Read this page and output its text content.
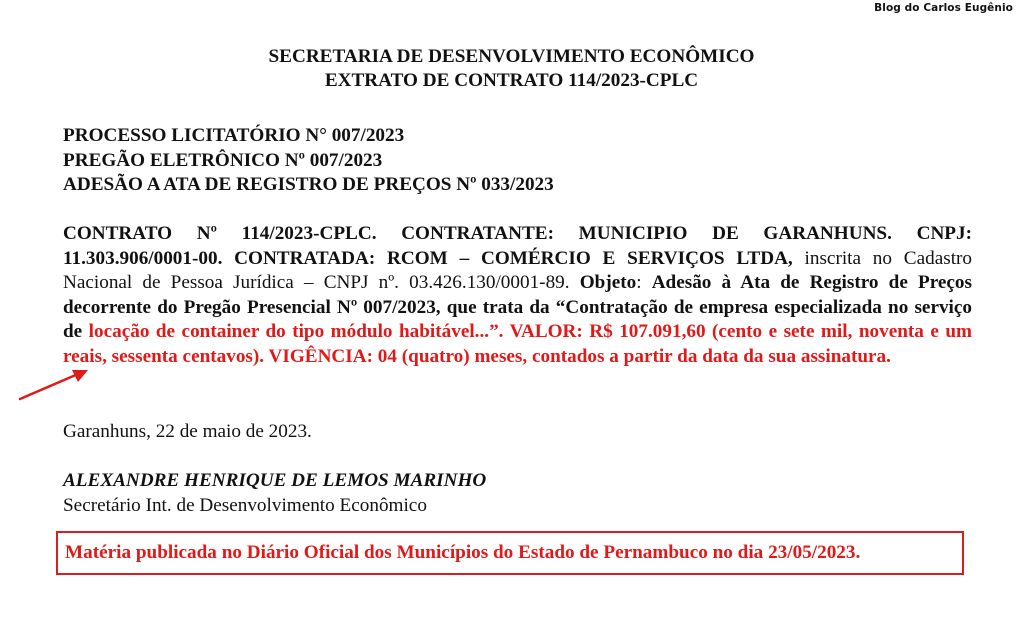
Blog do Carlos Eugênio
SECRETARIA DE DESENVOLVIMENTO ECONÔMICO
EXTRATO DE CONTRATO 114/2023-CPLC
PROCESSO LICITATÓRIO N° 007/2023
PREGÃO ELETRÔNICO Nº 007/2023
ADESÃO A ATA DE REGISTRO DE PREÇOS Nº 033/2023
CONTRATO Nº 114/2023-CPLC. CONTRATANTE: MUNICIPIO DE GARANHUNS. CNPJ: 11.303.906/0001-00. CONTRATADA: RCOM – COMÉRCIO E SERVIÇOS LTDA, inscrita no Cadastro Nacional de Pessoa Jurídica – CNPJ nº. 03.426.130/0001-89. Objeto: Adesão à Ata de Registro de Preços decorrente do Pregão Presencial Nº 007/2023, que trata da “Contratação de empresa especializada no serviço de locação de container do tipo módulo habitável...”. VALOR: R$ 107.091,60 (cento e sete mil, noventa e um reais, sessenta centavos). VIGÊNCIA: 04 (quatro) meses, contados a partir da data da sua assinatura.
Garanhuns, 22 de maio de 2023.
ALEXANDRE HENRIQUE DE LEMOS MARINHO
Secretário Int. de Desenvolvimento Econômico
Matéria publicada no Diário Oficial dos Municípios do Estado de Pernambuco no dia 23/05/2023.
